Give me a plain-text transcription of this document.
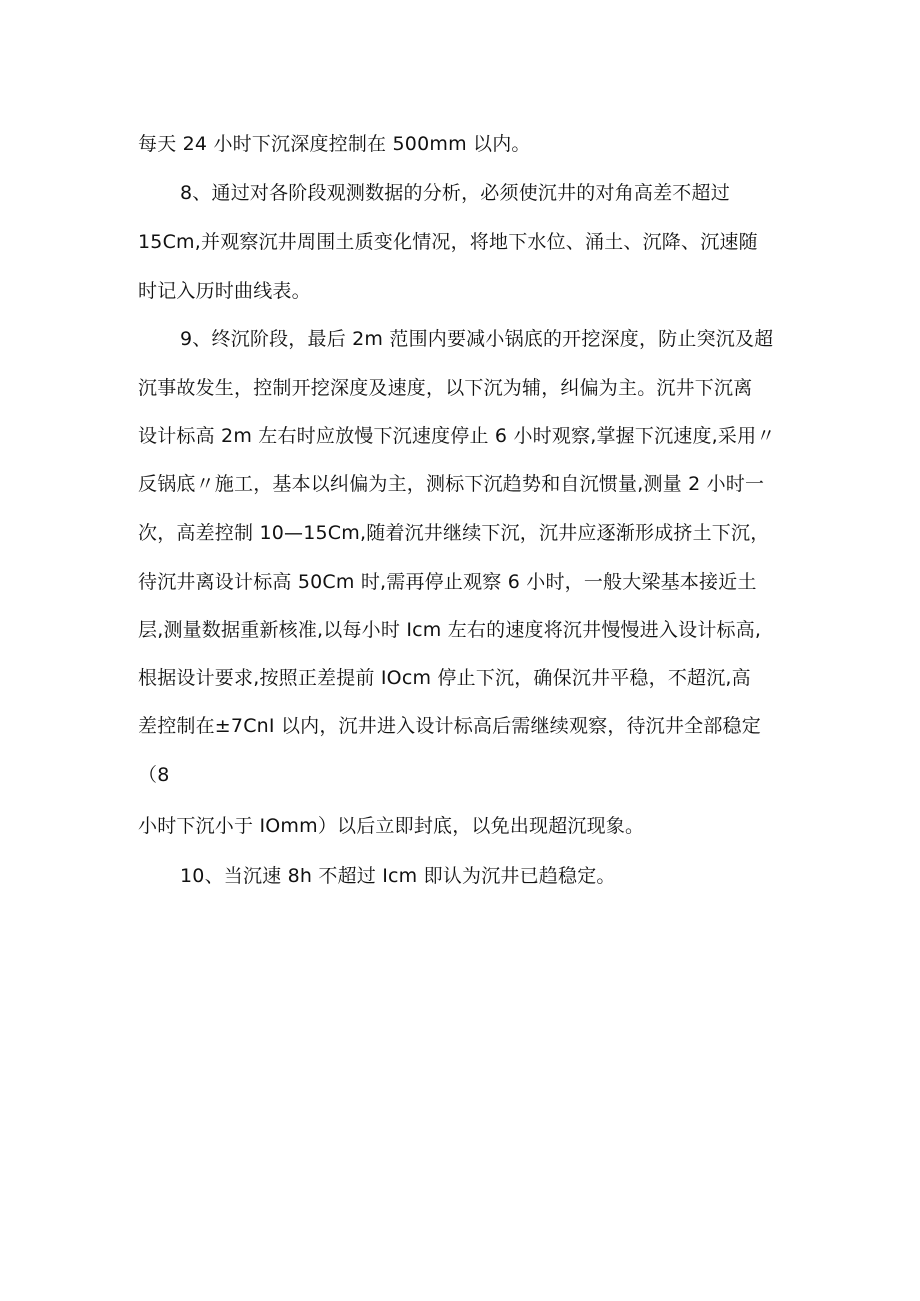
每天 24 小时下沉深度控制在 500mm 以内。
8、通过对各阶段观测数据的分析，必须使沉井的对角高差不超过
15Cm,并观察沉井周围土质变化情况，将地下水位、涌土、沉降、沉速随
时记入历时曲线表。
9、终沉阶段，最后 2m 范围内要减小锅底的开挖深度，防止突沉及超
沉事故发生，控制开挖深度及速度，以下沉为辅，纠偏为主。沉井下沉离
设计标高 2m 左右时应放慢下沉速度停止 6 小时观察,掌握下沉速度,采用〃
反锅底〃施工，基本以纠偏为主，测标下沉趋势和自沉惯量,测量 2 小时一
次，高差控制 10—15Cm,随着沉井继续下沉，沉井应逐渐形成挤土下沉，
待沉井离设计标高 50Cm 时,需再停止观察 6 小时，一般大梁基本接近土
层,测量数据重新核准,以每小时 Icm 左右的速度将沉井慢慢进入设计标高,
根据设计要求,按照正差提前 IOcm 停止下沉，确保沉井平稳，不超沉,高
差控制在±7CnI 以内，沉井进入设计标高后需继续观察，待沉井全部稳定
（8
小时下沉小于 IOmm）以后立即封底，以免出现超沉现象。
10、当沉速 8h 不超过 Icm 即认为沉井已趋稳定。
